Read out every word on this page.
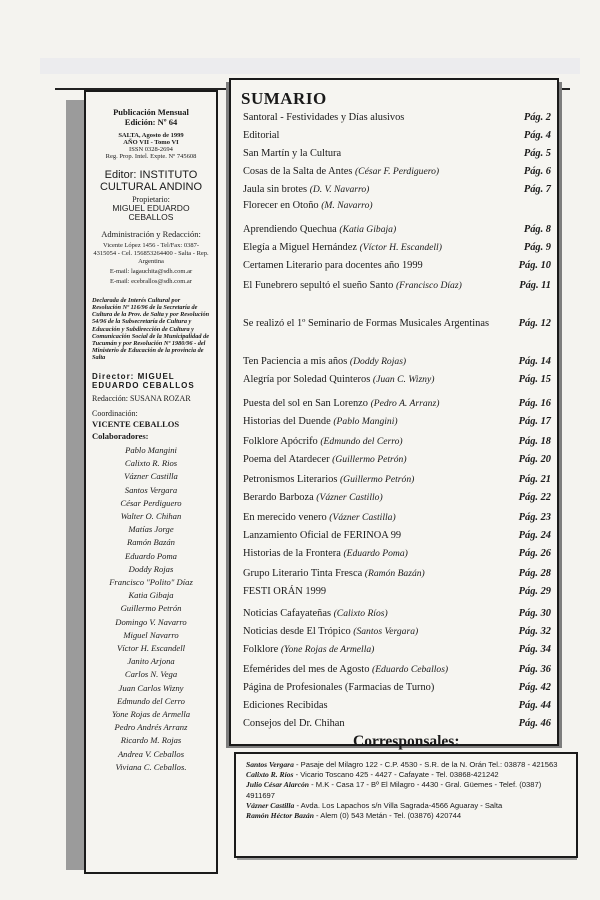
Publicación Mensual
Edición: Nº 64
SALTA, Agosto de 1999
AÑO VII - Tomo VI
ISSN 0328-2694
Reg. Prop. Intel. Expte. Nº 745608
Editor: INSTITUTO CULTURAL ANDINO
Propietario:
MIGUEL EDUARDO CEBALLOS
Administración y Redacción:
Vicente López 1456 - Tel/Fax: 0387-4315054 - Cel. 156853264400 - Salta - Rep. Argentina
E-mail: lagauchita@sdh.com.ar
E-mail: ecebrallos@sdh.com.ar
Declarada de Interés Cultural por Resolución Nº 116/96 de la Secretaría de Cultura de la Prov. de Salta y por Resolución 54/96 de la Subsecretaría de Cultura y Educación y Subdirección de Cultura y Comunicación Social de la Municipalidad de Tucumán y por Resolución Nº 1980/96 - del Ministerio de Educación de la provincia de Salta
Director: MIGUEL EDUARDO CEBALLOS
Redacción: SUSANA ROZAR
Coordinación:
VICENTE CEBALLOS
Colaboradores:
Pablo Mangini
Calixto R. Rios
Vázner Castilla
Santos Vergara
César Perdiguero
Walter O. Chihan
Matías Jorge
Ramón Bazán
Eduardo Poma
Doddy Rojas
Francisco "Polito" Díaz
Katia Gibaja
Guillermo Petrón
Domingo V. Navarro
Miguel Navarro
Víctor H. Escandell
Janito Arjona
Carlos N. Vega
Juan Carlos Wizny
Edmundo del Cerro
Yone Rojas de Armella
Pedro Andrés Arranz
Ricardo M. Rojas
Andrea V. Ceballos
Viviana C. Ceballos.
SUMARIO
Santoral - Festividades y Días alusivos	Pág. 2
Editorial	Pág. 4
San Martín y la Cultura	Pág. 5
Cosas de la Salta de Antes (César F. Perdiguero)	Pág. 6
Jaula sin brotes (D. V. Navarro)	Pág. 7
Florecer en Otoño (M. Navarro)
Aprendiendo Quechua (Katia Gibaja)	Pág. 8
Elegía a Miguel Hernández (Víctor H. Escandell)	Pág. 9
Certamen Literario para docentes año 1999	Pág. 10
El Funebrero sepultó el sueño Santo (Francisco Díaz)	Pág. 11
Se realizó el 1º Seminario de Formas Musicales Argentinas	Pág. 12
Ten Paciencia a mis años (Doddy Rojas)	Pág. 14
Alegría por Soledad Quinteros (Juan C. Wizny)	Pág. 15
Puesta del sol en San Lorenzo (Pedro A. Arranz)	Pág. 16
Historias del Duende (Pablo Mangini)	Pág. 17
Folklore Apócrifo (Edmundo del Cerro)	Pág. 18
Poema del Atardecer (Guillermo Petrón)	Pág. 20
Petronismos Literarios (Guillermo Petrón)	Pág. 21
Berardo Barboza (Vázner Castillo)	Pág. 22
En merecido venero (Vázner Castilla)	Pág. 23
Lanzamiento Oficial de FERINOA 99	Pág. 24
Historias de la Frontera (Eduardo Poma)	Pág. 26
Grupo Literario Tinta Fresca (Ramón Bazán)	Pág. 28
FESTI ORÁN 1999	Pág. 29
Noticias Cafayateñas (Calixto Ríos)	Pág. 30
Noticias desde El Trópico (Santos Vergara)	Pág. 32
Folklore (Yone Rojas de Armella)	Pág. 34
Efemérides del mes de Agosto (Eduardo Ceballos)	Pág. 36
Página de Profesionales (Farmacias de Turno)	Pág. 42
Ediciones Recibidas	Pág. 44
Consejos del Dr. Chihan	Pág. 46
Corresponsales:
Santos Vergara - Pasaje del Milagro 122 - C.P. 4530 - S.R. de la N. Orán Tel.: 03878 - 421563
Calixto R. Ríos - Vicario Toscano 425 - 4427 - Cafayate - Tel. 03868-421242
Julio César Alarcón - M.K - Casa 17 - Bº El Milagro - 4430 - Gral. Güemes - Telef. (0387) 4911697
Vázner Castilla - Avda. Los Lapachos s/n Villa Sagrada-4566 Aguaray - Salta
Ramón Héctor Bazán - Alem (0) 543 Metán - Tel. (03876) 420744
